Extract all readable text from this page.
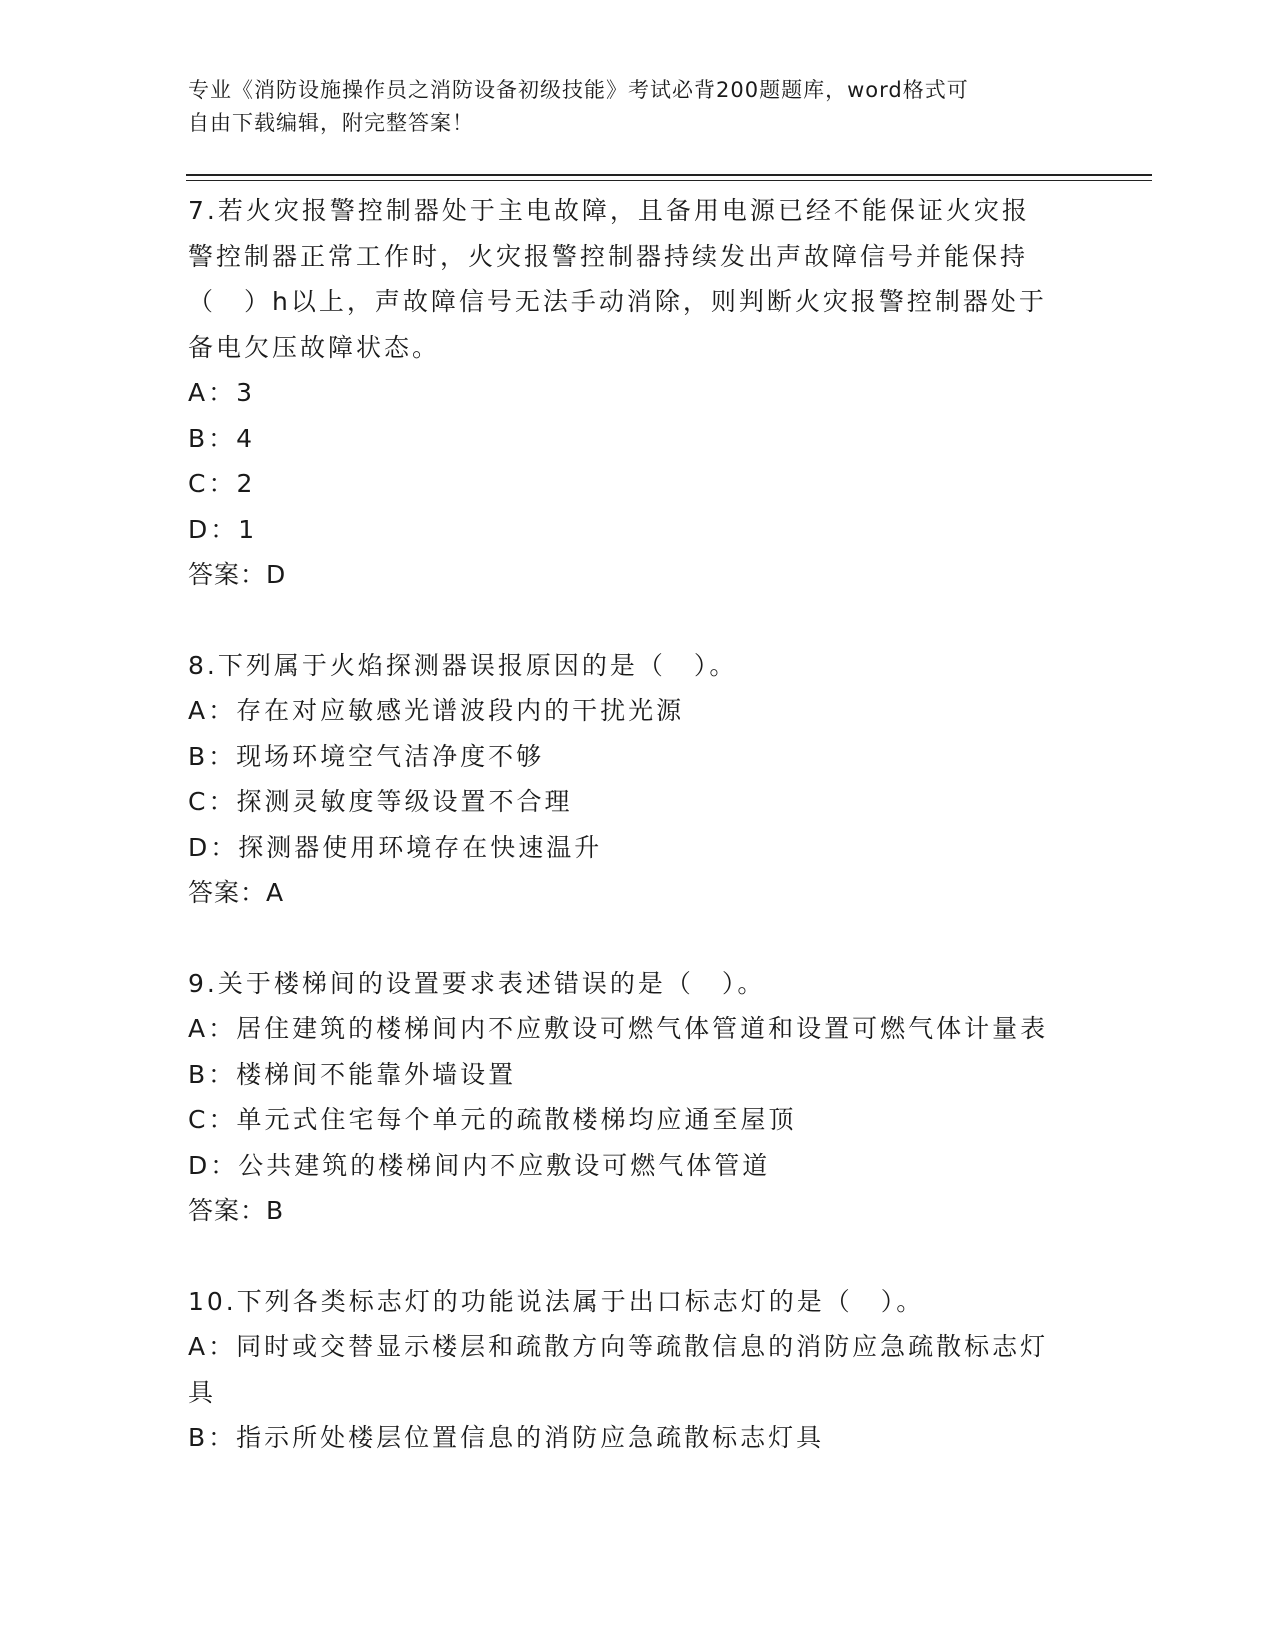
专业《消防设施操作员之消防设备初级技能》考试必背200题题库，word格式可
自由下载编辑，附完整答案！

7.若火灾报警控制器处于主电故障，且备用电源已经不能保证火灾报

警控制器正常工作时，火灾报警控制器持续发出声故障信号并能保持

（　）h以上，声故障信号无法手动消除，则判断火灾报警控制器处于

备电欠压故障状态。

A：3

B：4

C：2

D：1

答案：D

8.下列属于火焰探测器误报原因的是（　）。

A：存在对应敏感光谱波段内的干扰光源

B：现场环境空气洁净度不够

C：探测灵敏度等级设置不合理

D：探测器使用环境存在快速温升

答案：A

9.关于楼梯间的设置要求表述错误的是（　）。

A：居住建筑的楼梯间内不应敷设可燃气体管道和设置可燃气体计量表

B：楼梯间不能靠外墙设置

C：单元式住宅每个单元的疏散楼梯均应通至屋顶

D：公共建筑的楼梯间内不应敷设可燃气体管道

答案：B

10.下列各类标志灯的功能说法属于出口标志灯的是（　）。

A：同时或交替显示楼层和疏散方向等疏散信息的消防应急疏散标志灯

具

B：指示所处楼层位置信息的消防应急疏散标志灯具
